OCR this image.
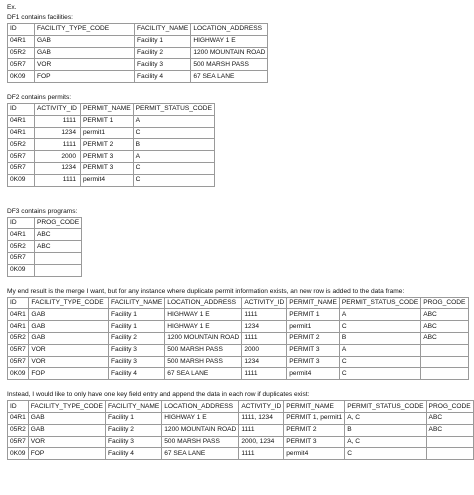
Ex.
DF1 contains facilities:
ID	FACILITY_TYPE_CODE	FACILITY_NAME	LOCATION_ADDRESS
04R1	GAB	Facility 1	HIGHWAY 1 E
05R2	GAB	Facility 2	1200 MOUNTAIN ROAD
05R7	VOR	Facility 3	500 MARSH PASS
0K09	FOP	Facility 4	67 SEA LANE
DF2 contains permits:
ID	ACTIVITY_ID	PERMIT_NAME	PERMIT_STATUS_CODE
04R1	1111	PERMIT 1	A
04R1	1234	permit1	C
05R2	1111	PERMIT 2	B
05R7	2000	PERMIT 3	A
05R7	1234	PERMIT 3	C
0K09	1111	permit4	C
DF3 contains programs:
ID	PROG_CODE
04R1	ABC
05R2	ABC
05R7	
0K09	
My end result is the merge I want, but for any instance where duplicate permit information exists, an new row is added to the data frame:
ID	FACILITY_TYPE_CODE	FACILITY_NAME	LOCATION_ADDRESS	ACTIVITY_ID	PERMIT_NAME	PERMIT_STATUS_CODE	PROG_CODE
04R1	GAB	Facility 1	HIGHWAY 1 E	1111	PERMIT 1	A	ABC
04R1	GAB	Facility 1	HIGHWAY 1 E	1234	permit1	C	ABC
05R2	GAB	Facility 2	1200 MOUNTAIN ROAD	1111	PERMIT 2	B	ABC
05R7	VOR	Facility 3	500 MARSH PASS	2000	PERMIT 3	A	
05R7	VOR	Facility 3	500 MARSH PASS	1234	PERMIT 3	C	
0K09	FOP	Facility 4	67 SEA LANE	1111	permit4	C	
Instead, I would like to only have one key field entry and append the data in each row if duplicates exist:
ID	FACILITY_TYPE_CODE	FACILITY_NAME	LOCATION_ADDRESS	ACTIVITY_ID	PERMIT_NAME	PERMIT_STATUS_CODE	PROG_CODE
04R1	GAB	Facility 1	HIGHWAY 1 E	1111, 1234	PERMIT 1, permit1	A, C	ABC
05R2	GAB	Facility 2	1200 MOUNTAIN ROAD	1111	PERMIT 2	B	ABC
05R7	VOR	Facility 3	500 MARSH PASS	2000, 1234	PERMIT 3	A, C	
0K09	FOP	Facility 4	67 SEA LANE	1111	permit4	C	
